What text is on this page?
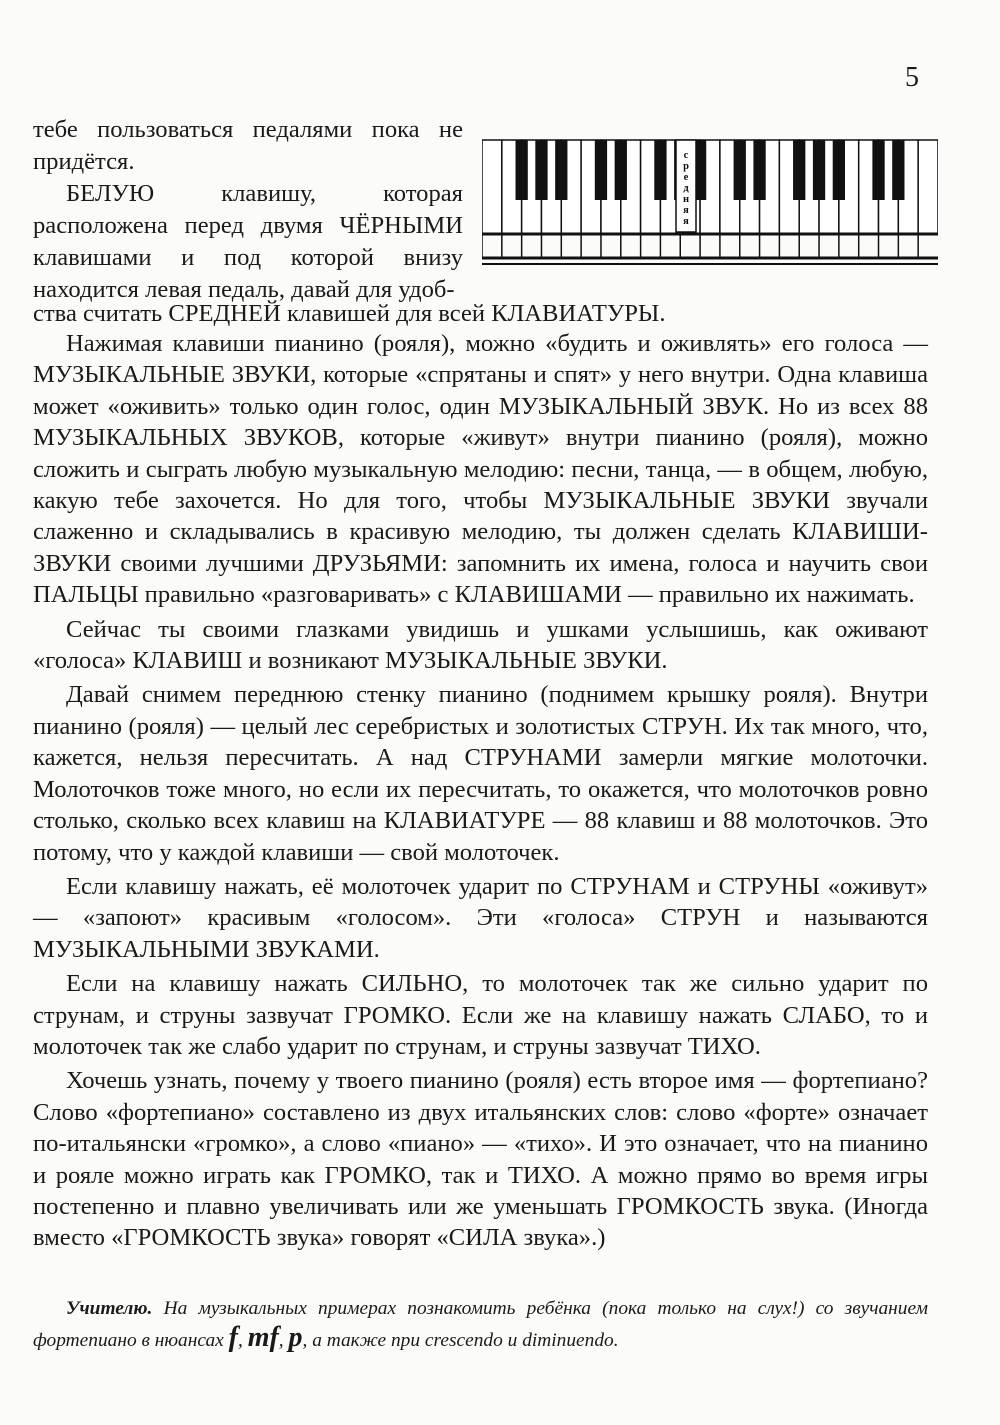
5
с р е д н я я

тебе пользоваться педалями пока не придётся.

БЕЛУЮ клавишу, которая расположена перед двумя ЧЁРНЫМИ клавишами и под которой внизу находится левая педаль, давай для удоб-

ства считать СРЕДНЕЙ клавишей для всей КЛАВИАТУРЫ.

Нажимая клавиши пианино (рояля), можно «будить и оживлять» его голоса — МУЗЫКАЛЬНЫЕ ЗВУКИ, которые «спрятаны и спят» у него внутри. Одна клавиша может «оживить» только один голос, один МУЗЫКАЛЬНЫЙ ЗВУК. Но из всех 88 МУЗЫКАЛЬНЫХ ЗВУКОВ, которые «живут» внутри пианино (рояля), можно сложить и сыграть любую музыкальную мелодию: песни, танца, — в общем, любую, какую тебе захочется. Но для того, чтобы МУЗЫКАЛЬНЫЕ ЗВУКИ звучали слаженно и складывались в красивую мелодию, ты должен сделать КЛАВИШИ-ЗВУКИ своими лучшими ДРУЗЬЯМИ: запомнить их имена, голоса и научить свои ПАЛЬЦЫ правильно «разговаривать» с КЛАВИШАМИ — правильно их нажимать.

Сейчас ты своими глазками увидишь и ушками услышишь, как оживают «голоса» КЛАВИШ и возникают МУЗЫКАЛЬНЫЕ ЗВУКИ.

Давай снимем переднюю стенку пианино (поднимем крышку рояля). Внутри пианино (рояля) — целый лес серебристых и золотистых СТРУН. Их так много, что, кажется, нельзя пересчитать. А над СТРУНАМИ замерли мягкие молоточки. Молоточков тоже много, но если их пересчитать, то окажется, что молоточков ровно столько, сколько всех клавиш на КЛАВИАТУРЕ — 88 клавиш и 88 молоточков. Это потому, что у каждой клавиши — свой молоточек.

Если клавишу нажать, её молоточек ударит по СТРУНАМ и СТРУНЫ «оживут» — «запоют» красивым «голосом». Эти «голоса» СТРУН и называются МУЗЫКАЛЬНЫМИ ЗВУКАМИ.

Если на клавишу нажать СИЛЬНО, то молоточек так же сильно ударит по струнам, и струны зазвучат ГРОМКО. Если же на клавишу нажать СЛАБО, то и молоточек так же слабо ударит по струнам, и струны зазвучат ТИХО.

Хочешь узнать, почему у твоего пианино (рояля) есть второе имя — фортепиано? Слово «фортепиано» составлено из двух итальянских слов: слово «форте» означает по-итальянски «громко», а слово «пиано» — «тихо». И это означает, что на пианино и рояле можно играть как ГРОМКО, так и ТИХО. А можно прямо во время игры постепенно и плавно увеличивать или же уменьшать ГРОМКОСТЬ звука. (Иногда вместо «ГРОМКОСТЬ звука» говорят «СИЛА звука».)

Учителю. На музыкальных примерах познакомить ребёнка (пока только на слух!) со звучанием фортепиано в нюансах f, mf, p, а также при crescendo и diminuendo.
